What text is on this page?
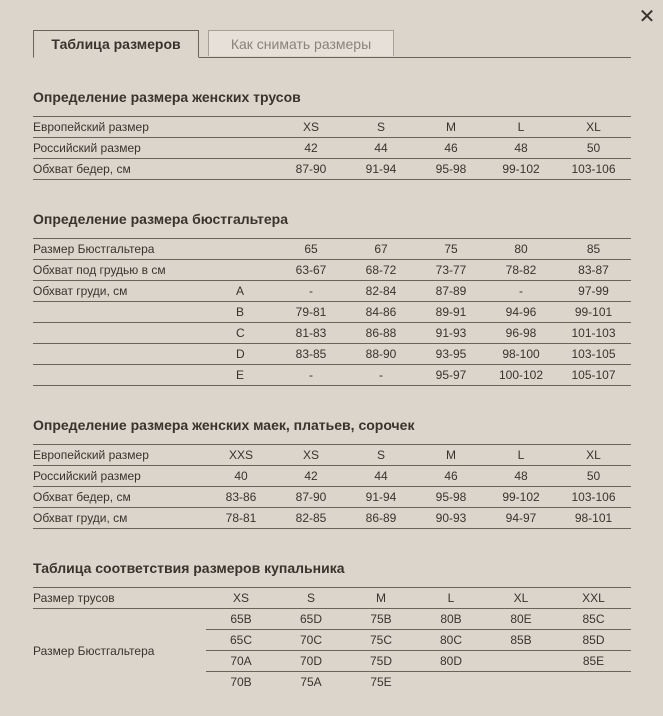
✕
Таблица размеров	Как снимать размеры
Определение размера женских трусов
Европейский размер	XS	S	M	L	XL
Российский размер	42	44	46	48	50
Обхват бедер, см	87-90	91-94	95-98	99-102	103-106
Определение размера бюстгальтера
Размер Бюстгальтера		65	67	75	80	85
Обхват под грудью в см		63-67	68-72	73-77	78-82	83-87
Обхват груди, см	A	-	82-84	87-89	-	97-99
	B	79-81	84-86	89-91	94-96	99-101
	C	81-83	86-88	91-93	96-98	101-103
	D	83-85	88-90	93-95	98-100	103-105
	E	-	-	95-97	100-102	105-107
Определение размера женских маек, платьев, сорочек
Европейский размер	XXS	XS	S	M	L	XL
Российский размер	40	42	44	46	48	50
Обхват бедер, см	83-86	87-90	91-94	95-98	99-102	103-106
Обхват груди, см	78-81	82-85	86-89	90-93	94-97	98-101
Таблица соответствия размеров купальника
Размер трусов	XS	S	M	L	XL	XXL
Размер Бюстгальтера	65B	65D	75B	80B	80E	85C
	65C	70C	75C	80C	85B	85D
	70A	70D	75D	80D		85E
	70B	75A	75E			
